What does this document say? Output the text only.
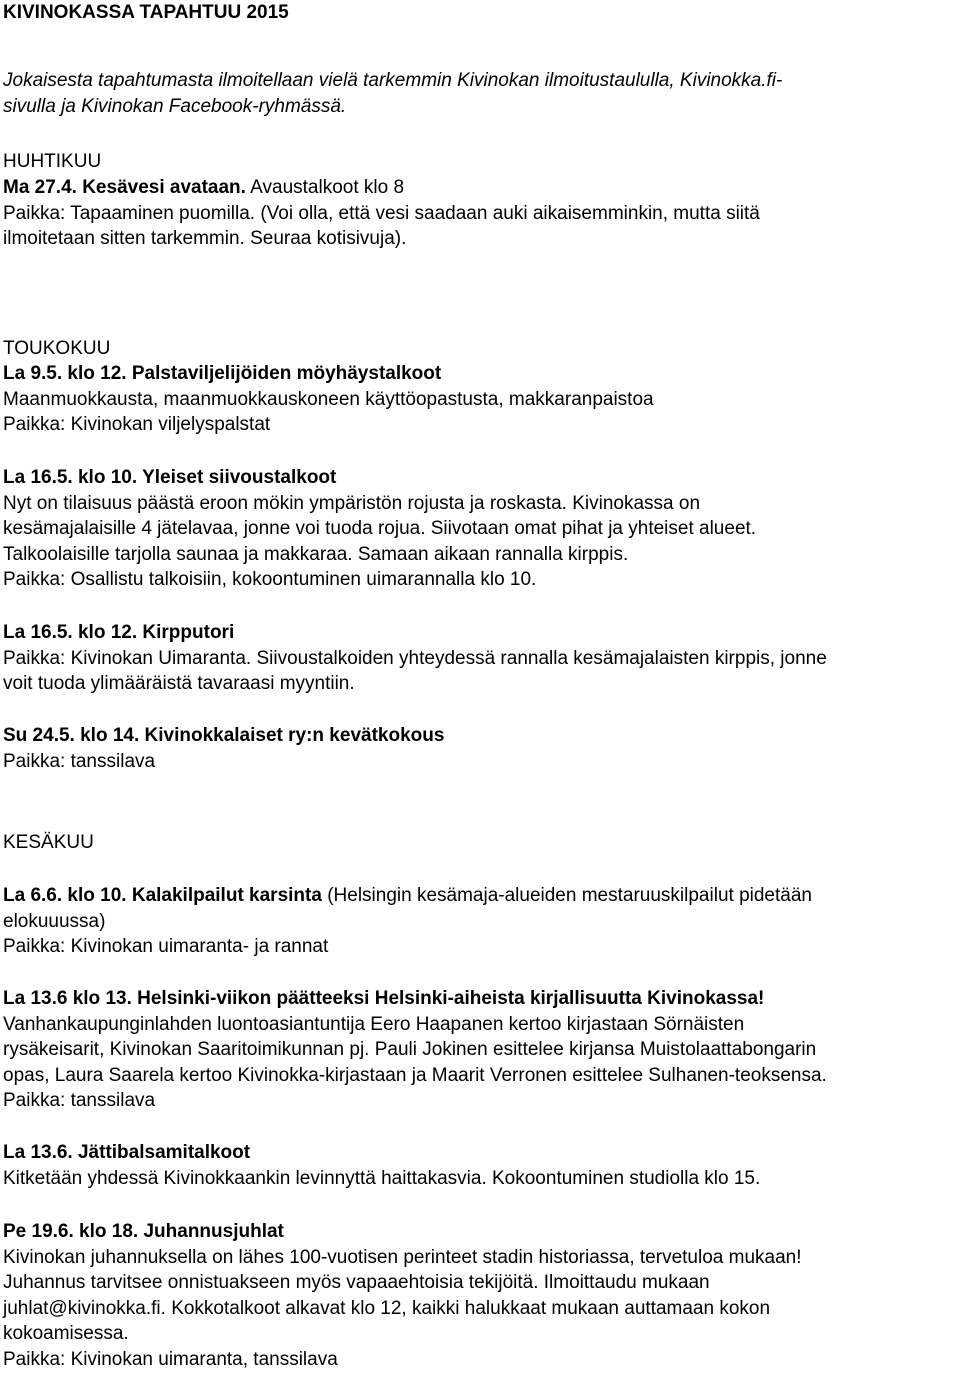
KIVINOKASSA TAPAHTUU 2015

Jokaisesta tapahtumasta ilmoitellaan vielä tarkemmin Kivinokan ilmoitustaululla, Kivinokka.fi-

sivulla ja Kivinokan Facebook-ryhmässä.

HUHTIKUU

Ma 27.4. Kesävesi avataan. Avaustalkoot klo 8

Paikka: Tapaaminen puomilla. (Voi olla, että vesi saadaan auki aikaisemminkin, mutta siitä

ilmoitetaan sitten tarkemmin. Seuraa kotisivuja).

TOUKOKUU

La 9.5. klo 12. Palstaviljelijöiden möyhäystalkoot

Maanmuokkausta, maanmuokkauskoneen käyttöopastusta, makkaranpaistoa

Paikka: Kivinokan viljelyspalstat

La 16.5. klo 10. Yleiset siivoustalkoot

Nyt on tilaisuus päästä eroon mökin ympäristön rojusta ja roskasta. Kivinokassa on

kesämajalaisille 4 jätelavaa, jonne voi tuoda rojua. Siivotaan omat pihat ja yhteiset alueet.

Talkoolaisille tarjolla saunaa ja makkaraa. Samaan aikaan rannalla kirppis.

Paikka: Osallistu talkoisiin, kokoontuminen uimarannalla klo 10.

La 16.5. klo 12. Kirpputori

Paikka: Kivinokan Uimaranta. Siivoustalkoiden yhteydessä rannalla kesämajalaisten kirppis, jonne

voit tuoda ylimääräistä tavaraasi myyntiin.

Su 24.5. klo 14. Kivinokkalaiset ry:n kevätkokous

Paikka: tanssilava

KESÄKUU

La 6.6. klo 10. Kalakilpailut karsinta (Helsingin kesämaja-alueiden mestaruuskilpailut pidetään

elokuuussa)

Paikka: Kivinokan uimaranta- ja rannat

La 13.6 klo 13. Helsinki-viikon päätteeksi Helsinki-aiheista kirjallisuutta Kivinokassa!

Vanhankaupunginlahden luontoasiantuntija Eero Haapanen kertoo kirjastaan Sörnäisten

rysäkeisarit, Kivinokan Saaritoimikunnan pj. Pauli Jokinen esittelee kirjansa Muistolaattabongarin

opas, Laura Saarela kertoo Kivinokka-kirjastaan ja Maarit Verronen esittelee Sulhanen-teoksensa.

Paikka: tanssilava

La 13.6. Jättibalsamitalkoot

Kitketään yhdessä Kivinokkaankin levinnyttä haittakasvia. Kokoontuminen studiolla klo 15.

Pe 19.6. klo 18. Juhannusjuhlat

Kivinokan juhannuksella on lähes 100-vuotisen perinteet stadin historiassa, tervetuloa mukaan!

Juhannus tarvitsee onnistuakseen myös vapaaehtoisia tekijöitä. Ilmoittaudu mukaan

juhlat@kivinokka.fi. Kokkotalkoot alkavat klo 12, kaikki halukkaat mukaan auttamaan kokon

kokoamisessa.

Paikka: Kivinokan uimaranta, tanssilava
